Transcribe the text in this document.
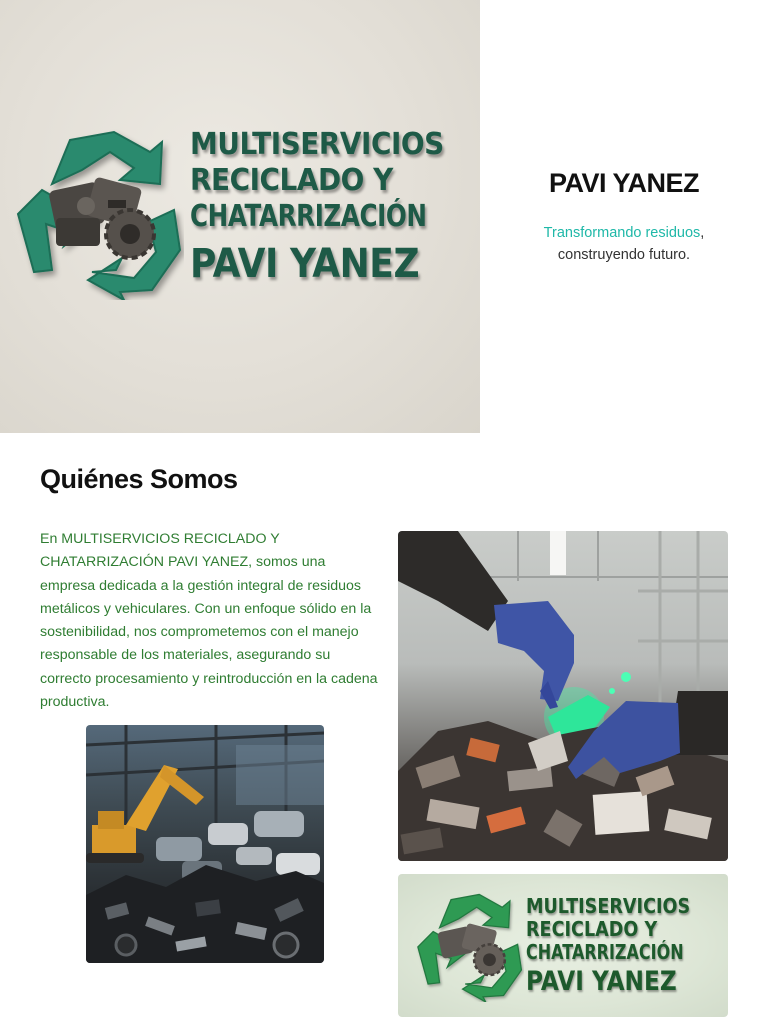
MULTISERVICIOS
RECICLADO Y
CHATARRIZACIÓN
PAVI YANEZ
PAVI YANEZ

Transformando residuos,
construyendo futuro.

Quiénes Somos

En MULTISERVICIOS RECICLADO Y CHATARRIZACIÓN PAVI YANEZ, somos una empresa dedicada a la gestión integral de residuos metálicos y vehiculares. Con un enfoque sólido en la sostenibilidad, nos comprometemos con el manejo responsable de los materiales, asegurando su correcto procesamiento y reintroducción en la cadena productiva.

MULTISERVICIOS
RECICLADO Y
CHATARRIZACIÓN
PAVI YANEZ
